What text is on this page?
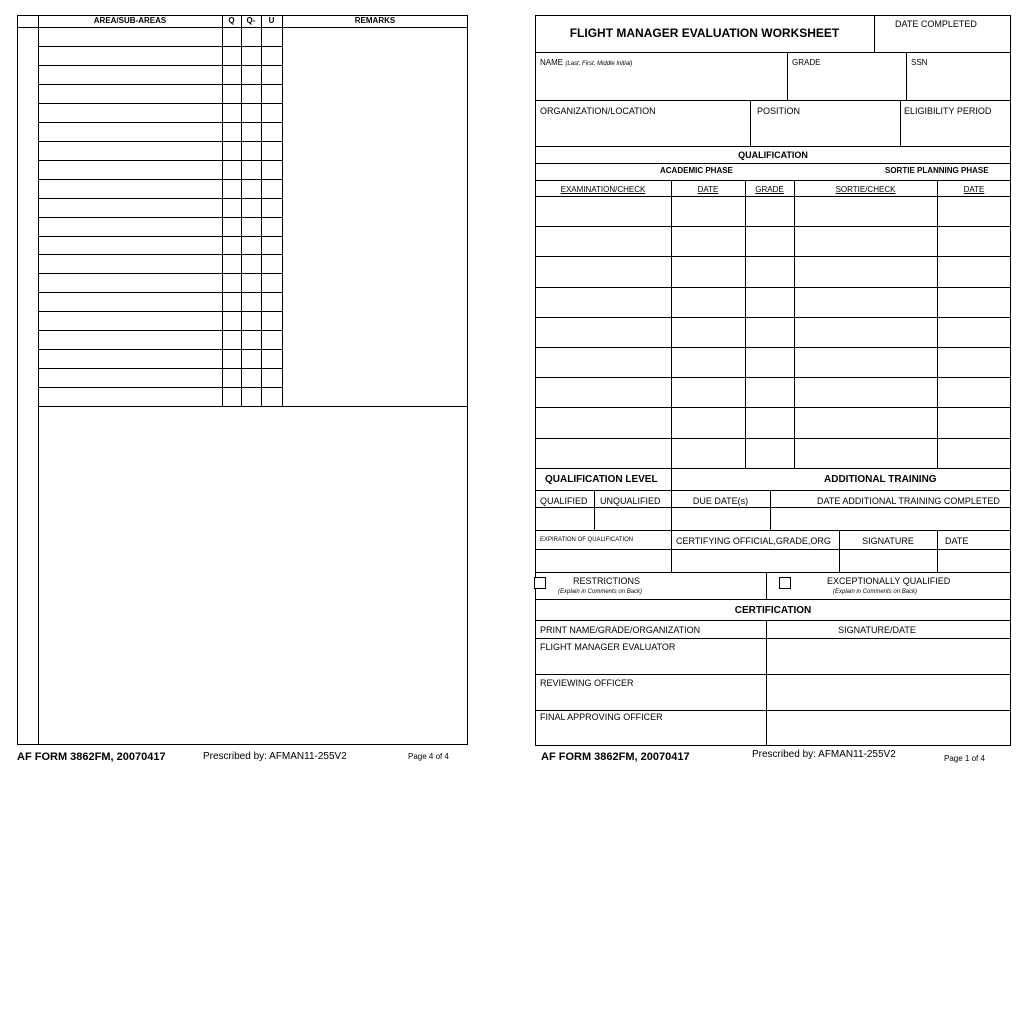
AREA/SUB-AREAS	Q	Q-	U	REMARKS
AF FORM 3862FM, 20070417	Prescribed by: AFMAN11-255V2	Page 4 of 4
FLIGHT MANAGER EVALUATION WORKSHEET
DATE COMPLETED
NAME (Last, First, Middle Initial)	GRADE	SSN
ORGANIZATION/LOCATION	POSITION	ELIGIBILITY PERIOD
QUALIFICATION
ACADEMIC PHASE	SORTIE PLANNING PHASE
EXAMINATION/CHECK	DATE	GRADE	SORTIE/CHECK	DATE
QUALIFICATION LEVEL	ADDITIONAL TRAINING
QUALIFIED UNQUALIFIED	DUE DATE(s)	DATE ADDITIONAL TRAINING COMPLETED
EXPIRATION OF QUALIFICATION	CERTIFYING OFFICIAL,GRADE,ORG	SIGNATURE	DATE
RESTRICTIONS
(Explain in Comments on Back)
EXCEPTIONALLY QUALIFIED
(Explain in Comments on Back)
CERTIFICATION
PRINT NAME/GRADE/ORGANIZATION	SIGNATURE/DATE
FLIGHT MANAGER EVALUATOR
REVIEWING OFFICER
FINAL APPROVING OFFICER
AF FORM 3862FM, 20070417	Prescribed by: AFMAN11-255V2	Page 1 of 4
